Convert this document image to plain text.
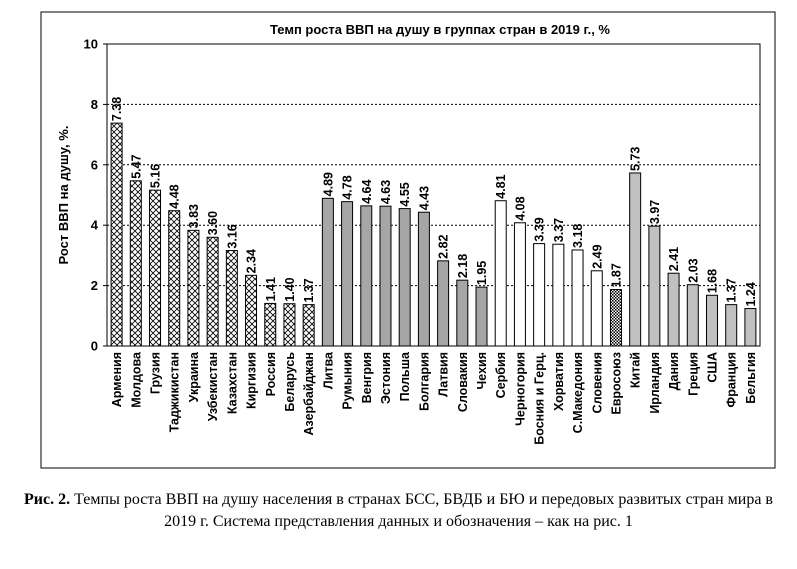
Темп роста ВВП на душу в группах стран в 2019 г., %
Рост ВВП на душу, %.
7.38
5.47 5.16
4.48
3.83 3.60
3.16
2.34
1.41 1.40 1.37
4.89 4.78 4.64 4.63 4.55 4.43
2.82
2.18 1.95
4.81
4.08
3.39 3.37 3.18
2.49
1.87
5.73
3.97
2.41 2.03 1.68 1.37 1.24
Армения Молдова Грузия Таджикистан Украина Узбекистан Казахстан Киргизия Россия Беларусь Азербайджан Литва Румыния Венгрия Эстония Польша Болгария Латвия Словакия Чехия Сербия Черногория Босния и Герц. Хорватия С.Македония Словения Евросоюз Китай Ирландия Дания Греция США Франция Бельгия
0
2
4
6
8
10
Рис. 2. Темпы роста ВВП на душу населения в странах БСС, БВДБ и БЮ и передовых развитых стран мира в 2019 г. Система представления данных и обозначения – как на рис. 1
